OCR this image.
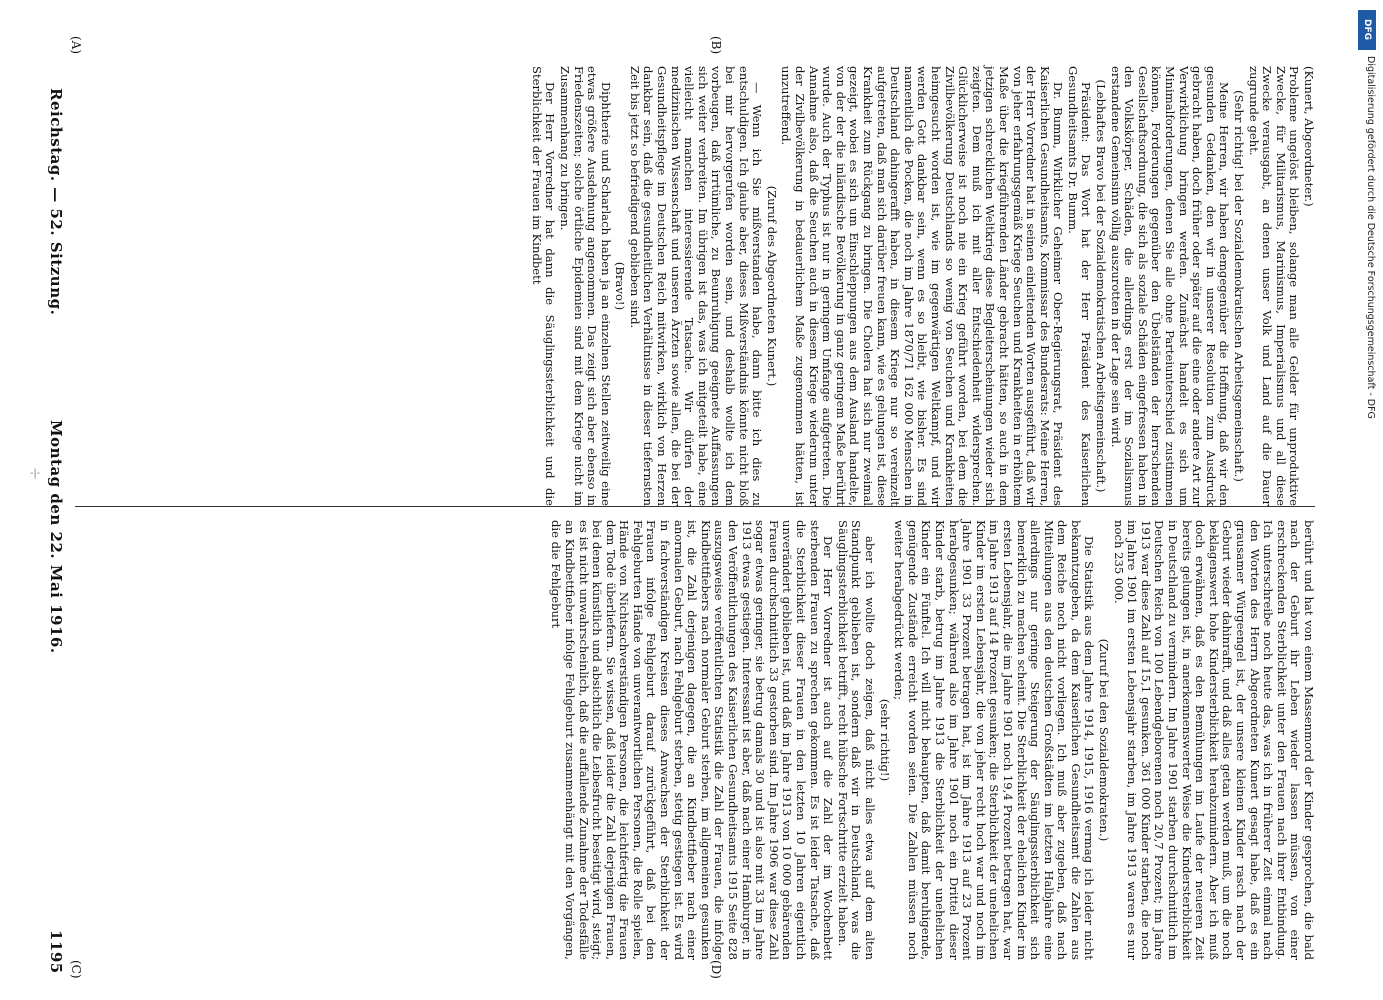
Reichstag. — 52. Sitzung.
Montag den 22. Mai 1916.
1195
(A)	(B)
(C)	(D)

(Kunert, Abgeordneter.)

Probleme ungelöst bleiben, solange man alle Gelder für unproduktive Zwecke, für Militarismus, Marinismus, Imperialismus und all diese Zwecke verausgabt, an denen unser Volk und Land auf die Dauer zugrunde geht.

(Sehr richtig! bei der Sozialdemokratischen Arbeitsgemeinschaft.)

Meine Herren, wir haben demgegenüber die Hoffnung, daß wir den gesunden Gedanken, den wir in unserer Resolution zum Ausdruck gebracht haben, doch früher oder später auf die eine oder andere Art zur Verwirklichung bringen werden. Zunächst handelt es sich um Minimalforderungen, denen Sie alle ohne Parteiunterschied zustimmen können, Forderungen gegenüber den Übelständen der herrschenden Gesellschaftsordnung, die sich als soziale Schäden eingefressen haben in den Volkskörper, Schäden, die allerdings erst der im Sozialismus erstandene Gemeinsinn völlig auszurotten in der Lage sein wird.

(Lebhaftes Bravo bei der Sozialdemokratischen Arbeitsgemeinschaft.)

Präsident: Das Wort hat der Herr Präsident des Kaiserlichen Gesundheitsamts Dr. Bumm.

Dr. Bumm, Wirklicher Geheimer Ober-Regierungsrat, Präsident des Kaiserlichen Gesundheitsamts, Kommissar des Bundesrats: Meine Herren, der Herr Vorredner hat in seinen einleitenden Worten ausgeführt, daß wir von jeher erfahrungsgemäß Kriege Seuchen und Krankheiten in erhöhtem Maße über die kriegführenden Länder gebracht hätten, so auch in dem jetzigen schrecklichen Weltkrieg diese Begleiterscheinungen wieder sich zeigten. Dem muß ich mit aller Entschiedenheit widersprechen. Glücklicherweise ist noch nie ein Krieg geführt worden, bei dem die Zivilbevölkerung Deutschlands so wenig von Seuchen und Krankheiten heimgesucht worden ist, wie im gegenwärtigen Weltkampf, und wir werden Gott dankbar sein, wenn es so bleibt, wie bisher. Es sind namentlich die Pocken, die noch im Jahre 1870/71 162 000 Menschen in Deutschland dahingerafft haben, in diesem Kriege nur so vereinzelt aufgetreten, daß man sich darüber freuen kann, wie es gelungen ist, diese Krankheit zum Rückgang zu bringen. Die Cholera hat sich nur zweimal gezeigt, wobei es sich um Einschleppungen aus dem Ausland handelte, von der der die inländische Bevölkerung in ganz geringem Maße berührt wurde. Auch der Typhus ist nur in geringem Umfange aufgetreten. Die Annahme also, daß die Seuchen auch in diesem Kriege wiederum unter der Zivilbevölkerung in bedauerlichem Maße zugenommen hätten, ist unzutreffend.

(Zuruf des Abgeordneten Kunert.)

— Wenn ich Sie mißverstanden habe, dann bitte ich dies zu entschuldigen. Ich glaube aber, dieses Mißverständnis könnte nicht bloß bei mir hervorgerufen worden sein, und deshalb wollte ich dem vorbeugen, daß irrtümliche, zu Beunruhigung geeignete Auffassungen sich weiter verbreiten. Im übrigen ist das, was ich mitgeteilt habe, eine vielleicht manchen interessierende Tatsache. Wir dürfen der medizinischen Wissenschaft und unseren Ärzten sowie allen, die bei der Gesundheitspflege im Deutschen Reich mitwirken, wirklich von Herzen dankbar sein, daß die gesundheitlichen Verhältnisse in dieser tiefernsten Zeit bis jetzt so befriedigend geblieben sind.

(Bravo!)

Diphtherie und Scharlach haben ja an einzelnen Stellen zeitweilig eine etwas größere Ausdehnung angenommen. Das zeigt sich aber ebenso in Friedenszeiten; solche örtliche Epidemien sind mit dem Kriege nicht im Zusammenhang zu bringen.

Der Herr Vorredner hat dann die Säuglingssterblichkeit und die Sterblichkeit der Frauen im Kindbett

berührt und hat von einem Massenmord der Kinder gesprochen, die bald nach der Geburt ihr Leben wieder lassen müssen, von einer erschreckenden Sterblichkeit unter den Frauen nach ihrer Entbindung. Ich unterschreibe noch heute das, was ich in früherer Zeit einmal nach den Worten des Herrn Abgeordneten Kunert gesagt habe, daß es ein grausamer Würgeengel ist, der unsere kleinen Kinder rasch nach der Geburt wieder dahinrafft, und daß alles getan werden muß, um die noch beklagenswert hohe Kindersterblichkeit herabzumindern. Aber ich muß doch erwähnen, daß es den Bemühungen im Laufe der neueren Zeit bereits gelungen ist, in anerkennenswerter Weise die Kindersterblichkeit in Deutschland zu vermindern. Im Jahre 1901 starben durchschnittlich im Deutschen Reich von 100 Lebendgeborenen noch 20,7 Prozent; im Jahre 1913 war diese Zahl auf 15,1 gesunken. 361 000 Kinder starben, die noch im Jahre 1901 im ersten Lebensjahr starben, im Jahre 1913 waren es nur noch 235 000.

(Zuruf bei den Sozialdemokraten.)

Die Statistik aus dem Jahre 1914, 1915, 1916 vermag ich leider nicht bekanntzugeben, da dem Kaiserlichen Gesundheitsamt die Zahlen aus dem Reiche noch nicht vorliegen. Ich muß aber zugeben, daß nach Mitteilungen aus den deutschen Großstädten im letzten Halbjahre eine allerdings nur geringe Steigerung der Säuglingssterblichkeit sich bemerklich zu machen scheint. Die Sterblichkeit der ehelichen Kinder im ersten Lebensjahr, die im Jahre 1901 noch 19,4 Prozent betragen hat, war im Jahre 1913 auf 14 Prozent gesunken; die Sterblichkeit der unehelichen Kinder im ersten Lebensjahr, die von jeher recht hoch war und noch im Jahre 1901 33 Prozent betragen hat, ist im Jahre 1913 auf 23 Prozent herabgesunken; während also im Jahre 1901 noch ein Drittel dieser Kinder starb, betrug im Jahre 1913 die Sterblichkeit der unehelichen Kinder ein Fünftel. Ich will nicht behaupten, daß damit beruhigende, genügende Zustände erreicht worden seien. Die Zahlen müssen noch weiter herabgedrückt werden;

(sehr richtig!)

aber ich wollte doch zeigen, daß nicht alles etwa auf dem alten Standpunkt geblieben ist, sondern daß wir in Deutschland, was die Säuglingssterblichkeit betrifft, recht hübsche Fortschritte erzielt haben.

Der Herr Vorredner ist auch auf die Zahl der im Wochenbett sterbenden Frauen zu sprechen gekommen. Es ist leider Tatsache, daß die Sterblichkeit dieser Frauen in den letzten 10 Jahren eigentlich unverändert geblieben ist, und daß im Jahre 1913 von 10 000 gebärenden Frauen durchschnittlich 33 gestorben sind. Im Jahre 1906 war diese Zahl sogar etwas geringer, sie betrug damals 30 und ist also mit 33 im Jahre 1913 etwas gestiegen. Interessant ist aber, daß nach einer Hamburger, in den Veröffentlichungen des Kaiserlichen Gesundheitsamts 1915 Seite 828 auszugsweise veröffentlichten Statistik die Zahl der Frauen, die infolge Kindbettfiebers nach normaler Geburt sterben, im allgemeinen gesunken ist, die Zahl derjenigen dagegen, die an Kindbettfieber nach einer anormalen Geburt, nach Fehlgeburt sterben, stetig gestiegen ist. Es wird in fachverständigen Kreisen dieses Anwachsen der Sterblichkeit der Frauen infolge Fehlgeburt darauf zurückgeführt, daß bei den Fehlgeburten Hände von unverantwortlichen Personen, die Rolle spielen, Hände von Nichtsachverständigen Personen, die leichtfertig die Frauen dem Tode überliefern. Sie wissen, daß leider die Zahl derjenigen Frauen, bei denen künstlich und absichtlich die Leibesfrucht beseitigt wird, steigt; es ist nicht unwahrscheinlich, daß die auffallende Zunahme der Todesfälle an Kindbettfieber infolge Fehlgeburt zusammenhängt mit den Vorgängen, die die Fehlgeburt

-|-
DFG
Digitalisierung gefördert durch die Deutsche Forschungsgemeinschaft - DFG
